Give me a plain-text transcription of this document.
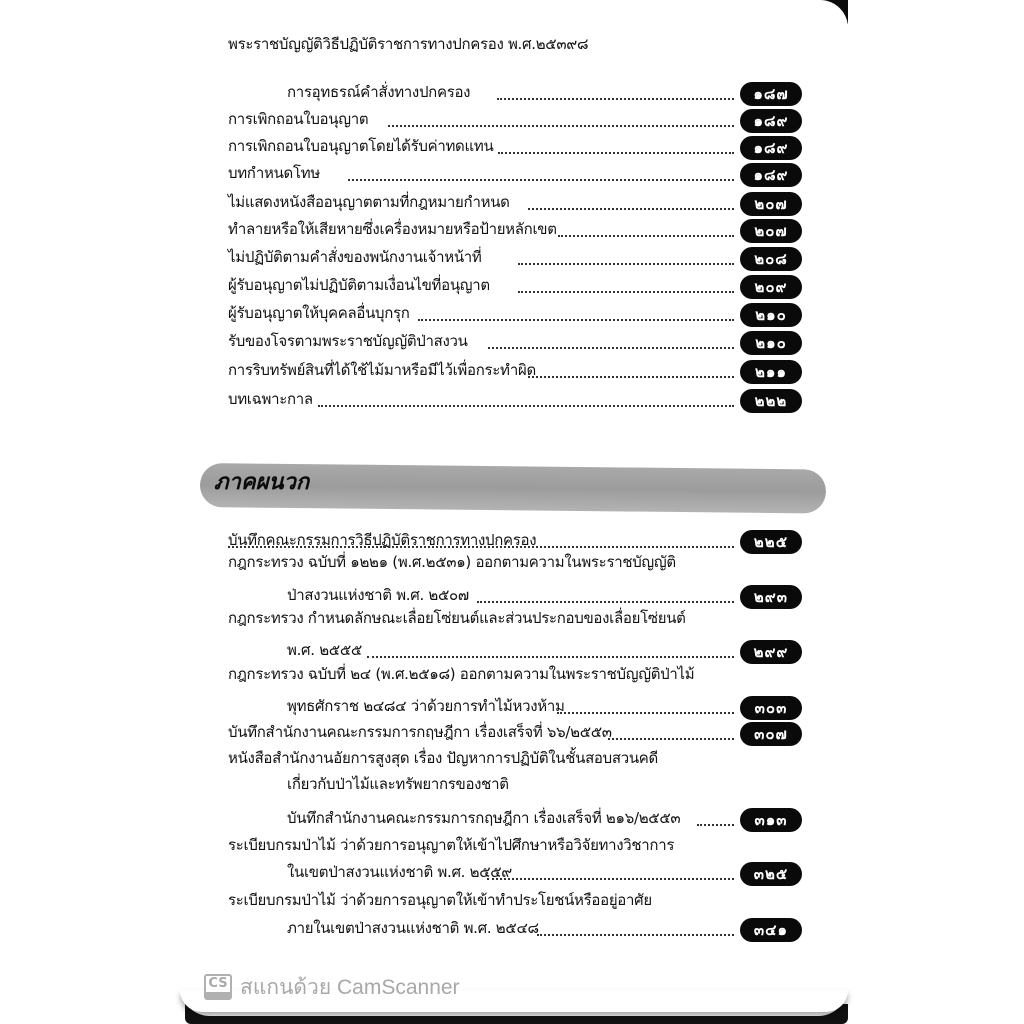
พระราชบัญญัติวิธีปฏิบัติราชการทางปกครอง พ.ศ.๒๕๓๙๘
การอุทธรณ์คำสั่งทางปกครอง	๑๘๗
การเพิกถอนใบอนุญาต	๑๘๙
การเพิกถอนใบอนุญาตโดยได้รับค่าทดแทน	๑๘๙
บทกำหนดโทษ	๑๘๙
ไม่แสดงหนังสืออนุญาตตามที่กฎหมายกำหนด	๒๐๗
ทำลายหรือให้เสียหายซึ่งเครื่องหมายหรือป้ายหลักเขต	๒๐๗
ไม่ปฏิบัติตามคำสั่งของพนักงานเจ้าหน้าที่	๒๐๘
ผู้รับอนุญาตไม่ปฏิบัติตามเงื่อนไขที่อนุญาต	๒๐๙
ผู้รับอนุญาตให้บุคคลอื่นบุกรุก	๒๑๐
รับของโจรตามพระราชบัญญัติป่าสงวน	๒๑๐
การริบทรัพย์สินที่ได้ใช้ไม้มาหรือมีไว้เพื่อกระทำผิด	๒๑๑
บทเฉพาะกาล	๒๒๒
ภาคผนวก
บันทึกคณะกรรมการวิธีปฏิบัติราชการทางปกครอง	๒๒๕
กฎกระทรวง ฉบับที่ ๑๒๒๑ (พ.ศ.๒๕๓๑) ออกตามความในพระราชบัญญัติ
ป่าสงวนแห่งชาติ พ.ศ. ๒๕๐๗	๒๙๓
กฎกระทรวง กำหนดลักษณะเลื่อยโซ่ยนต์และส่วนประกอบของเลื่อยโซ่ยนต์
พ.ศ. ๒๕๕๕	๒๙๙
กฎกระทรวง ฉบับที่ ๒๔ (พ.ศ.๒๕๑๘) ออกตามความในพระราชบัญญัติป่าไม้
พุทธศักราช ๒๔๘๔ ว่าด้วยการทำไม้หวงห้าม	๓๐๓
บันทึกสำนักงานคณะกรรมการกฤษฎีกา เรื่องเสร็จที่ ๖๖/๒๕๕๓	๓๐๗
หนังสือสำนักงานอัยการสูงสุด เรื่อง ปัญหาการปฏิบัติในชั้นสอบสวนคดี
เกี่ยวกับป่าไม้และทรัพยากรของชาติ
บันทึกสำนักงานคณะกรรมการกฤษฎีกา เรื่องเสร็จที่ ๒๑๖/๒๕๕๓	๓๑๓
ระเบียบกรมป่าไม้ ว่าด้วยการอนุญาตให้เข้าไปศึกษาหรือวิจัยทางวิชาการ
ในเขตป่าสงวนแห่งชาติ พ.ศ. ๒๕๕๙	๓๒๕
ระเบียบกรมป่าไม้ ว่าด้วยการอนุญาตให้เข้าทำประโยชน์หรืออยู่อาศัย
ภายในเขตป่าสงวนแห่งชาติ พ.ศ. ๒๕๔๘	๓๔๑
CS สแกนด้วย CamScanner
